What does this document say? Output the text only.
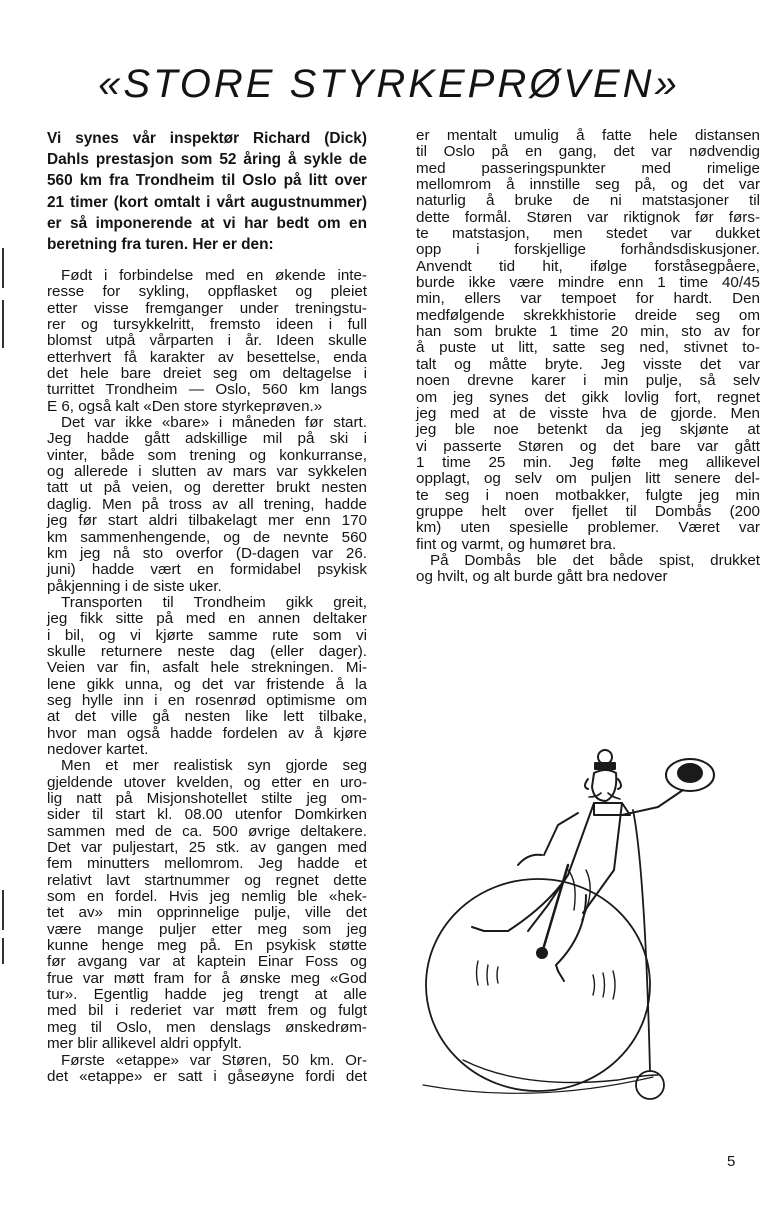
«STORE STYRKEPRØVEN»

Vi synes vår inspektør Richard (Dick)
Dahls prestasjon som 52 åring å sykle de
560 km fra Trondheim til Oslo på litt over
21 timer (kort omtalt i vårt augustnummer)
er så imponerende at vi har bedt om en
beretning fra turen. Her er den:

Født i forbindelse med en økende inte-
resse for sykling, oppflasket og pleiet
etter visse fremganger under treningstu-
rer og tursykkelritt, fremsto ideen i full
blomst utpå vårparten i år. Ideen skulle
etterhvert få karakter av besettelse, enda
det hele bare dreiet seg om deltagelse i
turrittet Trondheim — Oslo, 560 km langs
E 6, også kalt «Den store styrkeprøven.»
Det var ikke «bare» i måneden før start.
Jeg hadde gått adskillige mil på ski i
vinter, både som trening og konkurranse,
og allerede i slutten av mars var sykkelen
tatt ut på veien, og deretter brukt nesten
daglig. Men på tross av all trening, hadde
jeg før start aldri tilbakelagt mer enn 170
km sammenhengende, og de nevnte 560
km jeg nå sto overfor (D-dagen var 26.
juni) hadde vært en formidabel psykisk
påkjenning i de siste uker.
Transporten til Trondheim gikk greit,
jeg fikk sitte på med en annen deltaker
i bil, og vi kjørte samme rute som vi
skulle returnere neste dag (eller dager).
Veien var fin, asfalt hele strekningen. Mi-
lene gikk unna, og det var fristende å la
seg hylle inn i en rosenrød optimisme om
at det ville gå nesten like lett tilbake,
hvor man også hadde fordelen av å kjøre
nedover kartet.
Men et mer realistisk syn gjorde seg
gjeldende utover kvelden, og etter en uro-
lig natt på Misjonshotellet stilte jeg om-
sider til start kl. 08.00 utenfor Domkirken
sammen med de ca. 500 øvrige deltakere.
Det var puljestart, 25 stk. av gangen med
fem minutters mellomrom. Jeg hadde et
relativt lavt startnummer og regnet dette
som en fordel. Hvis jeg nemlig ble «hek-
tet av» min opprinnelige pulje, ville det
være mange puljer etter meg som jeg
kunne henge meg på. En psykisk støtte
før avgang var at kaptein Einar Foss og
frue var møtt fram for å ønske meg «God
tur». Egentlig hadde jeg trengt at alle
med bil i rederiet var møtt frem og fulgt
meg til Oslo, men denslags ønskedrøm-
mer blir allikevel aldri oppfylt.
Første «etappe» var Støren, 50 km. Or-
det «etappe» er satt i gåseøyne fordi det

er mentalt umulig å fatte hele distansen
til Oslo på en gang, det var nødvendig
med passeringspunkter med rimelige
mellomrom å innstille seg på, og det var
naturlig å bruke de ni matstasjoner til
dette formål. Støren var riktignok før førs-
te matstasjon, men stedet var dukket
opp i forskjellige forhåndsdiskusjoner.
Anvendt tid hit, ifølge forståsegpåere,
burde ikke være mindre enn 1 time 40/45
min, ellers var tempoet for hardt. Den
medfølgende skrekkhistorie dreide seg om
han som brukte 1 time 20 min, sto av for
å puste ut litt, satte seg ned, stivnet to-
talt og måtte bryte. Jeg visste det var
noen drevne karer i min pulje, så selv
om jeg synes det gikk lovlig fort, regnet
jeg med at de visste hva de gjorde. Men
jeg ble noe betenkt da jeg skjønte at
vi passerte Støren og det bare var gått
1 time 25 min. Jeg følte meg allikevel
opplagt, og selv om puljen litt senere del-
te seg i noen motbakker, fulgte jeg min
gruppe helt over fjellet til Dombås (200
km) uten spesielle problemer. Været var
fint og varmt, og humøret bra.
På Dombås ble det både spist, drukket
og hvilt, og alt burde gått bra nedover

5
